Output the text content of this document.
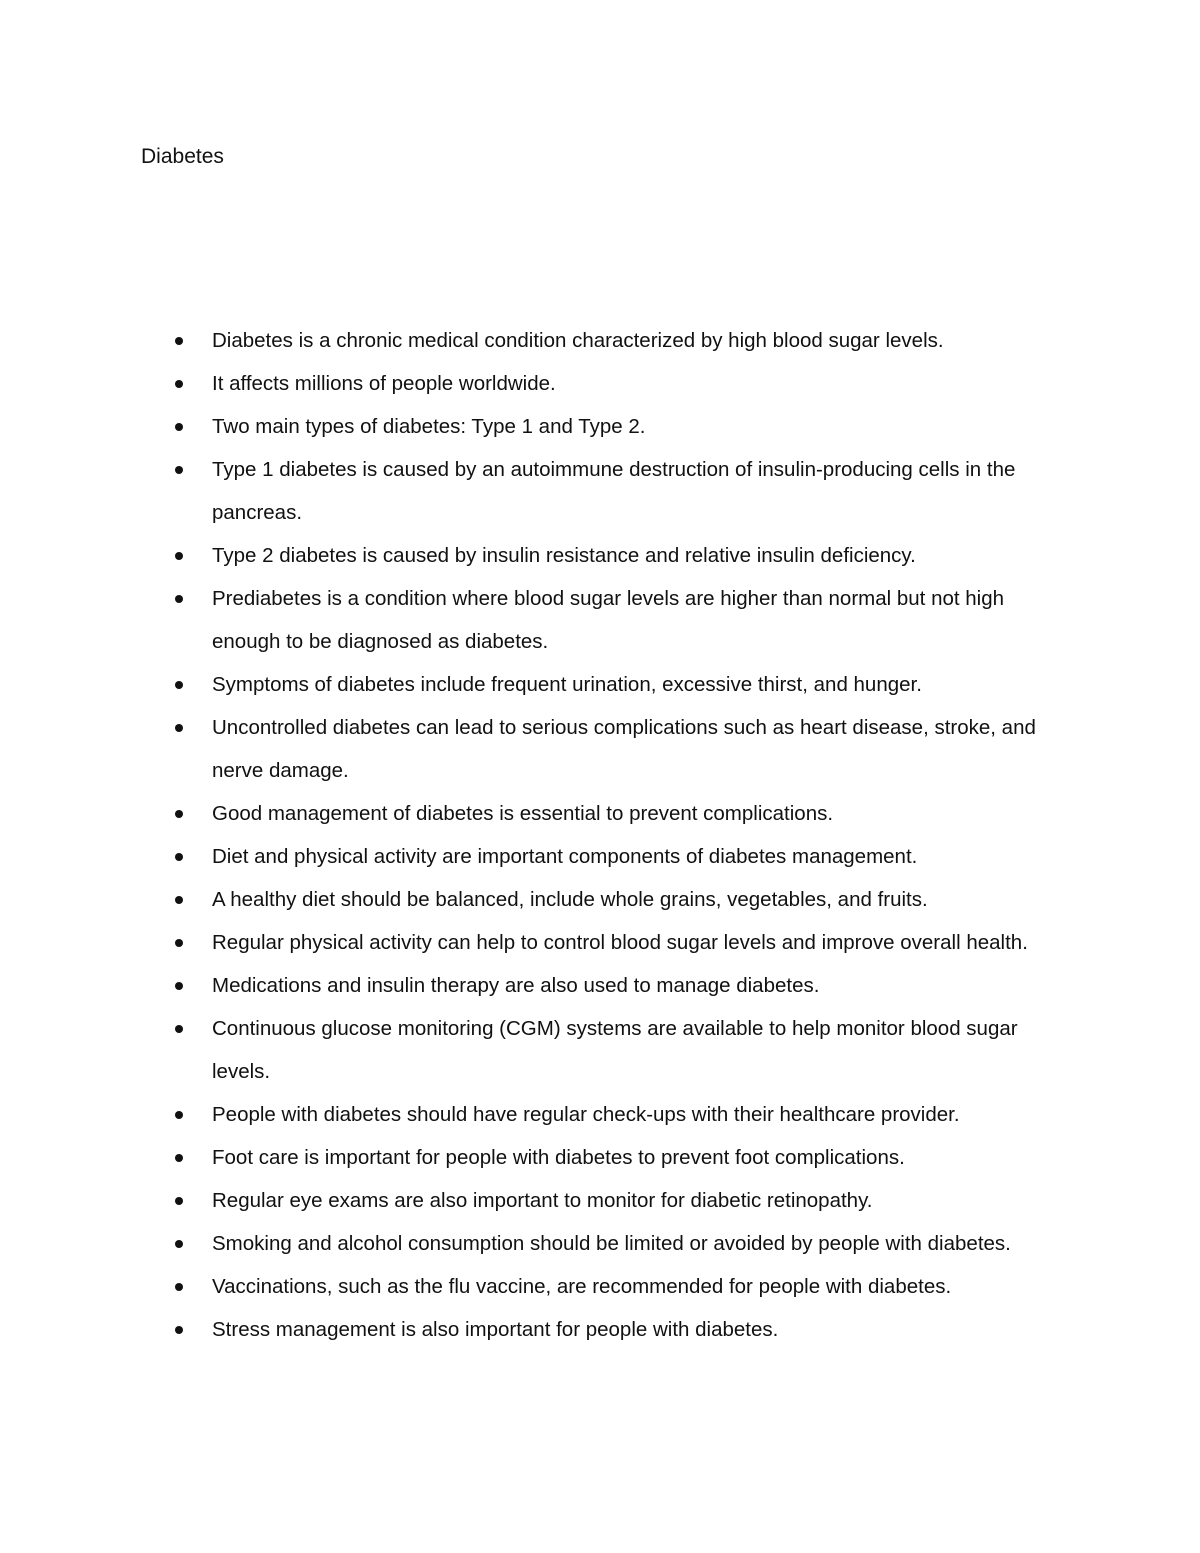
Diabetes
Diabetes is a chronic medical condition characterized by high blood sugar levels.
It affects millions of people worldwide.
Two main types of diabetes: Type 1 and Type 2.
Type 1 diabetes is caused by an autoimmune destruction of insulin-producing cells in the pancreas.
Type 2 diabetes is caused by insulin resistance and relative insulin deficiency.
Prediabetes is a condition where blood sugar levels are higher than normal but not high enough to be diagnosed as diabetes.
Symptoms of diabetes include frequent urination, excessive thirst, and hunger.
Uncontrolled diabetes can lead to serious complications such as heart disease, stroke, and nerve damage.
Good management of diabetes is essential to prevent complications.
Diet and physical activity are important components of diabetes management.
A healthy diet should be balanced, include whole grains, vegetables, and fruits.
Regular physical activity can help to control blood sugar levels and improve overall health.
Medications and insulin therapy are also used to manage diabetes.
Continuous glucose monitoring (CGM) systems are available to help monitor blood sugar levels.
People with diabetes should have regular check-ups with their healthcare provider.
Foot care is important for people with diabetes to prevent foot complications.
Regular eye exams are also important to monitor for diabetic retinopathy.
Smoking and alcohol consumption should be limited or avoided by people with diabetes.
Vaccinations, such as the flu vaccine, are recommended for people with diabetes.
Stress management is also important for people with diabetes.
